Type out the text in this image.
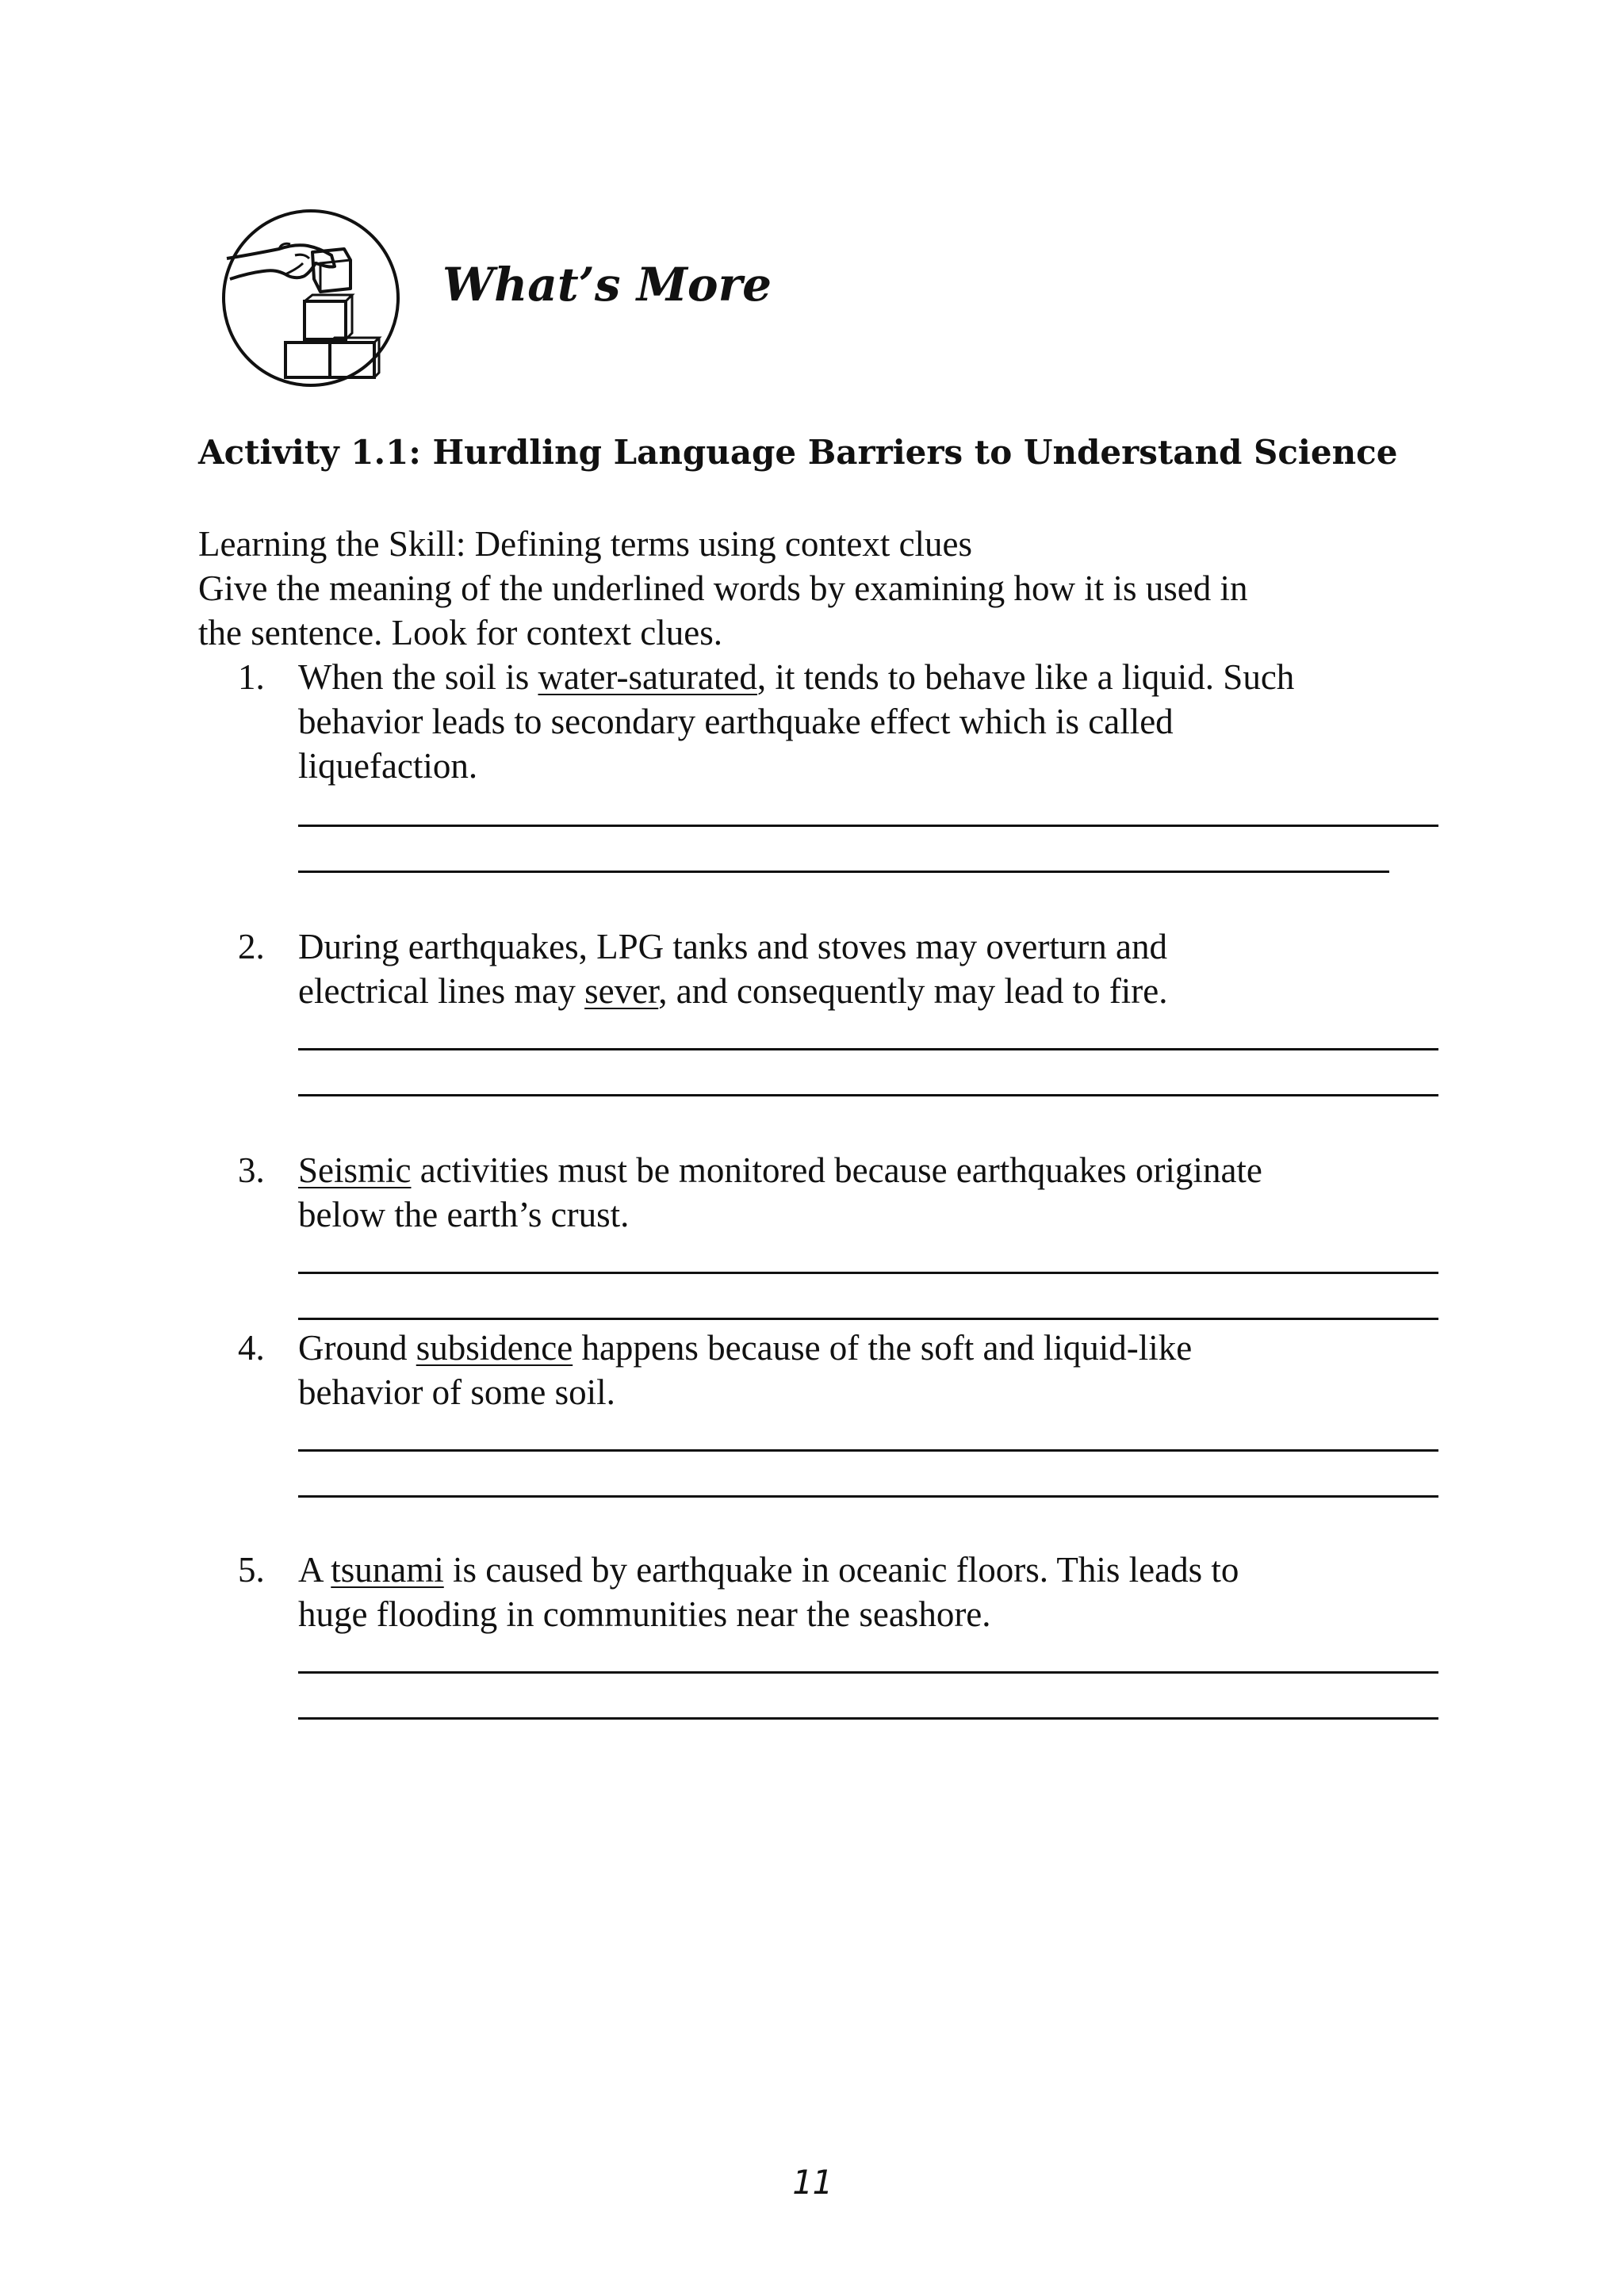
What’s More
Activity 1.1: Hurdling Language Barriers to Understand Science
Learning the Skill: Defining terms using context clues
Give the meaning of the underlined words by examining how it is used in
the sentence. Look for context clues.
1. When the soil is water-saturated, it tends to behave like a liquid. Such
behavior leads to secondary earthquake effect which is called
liquefaction.
2. During earthquakes, LPG tanks and stoves may overturn and
electrical lines may sever, and consequently may lead to fire.
3. Seismic activities must be monitored because earthquakes originate
below the earth’s crust.
4. Ground subsidence happens because of the soft and liquid-like
behavior of some soil.
5. A tsunami is caused by earthquake in oceanic floors. This leads to
huge flooding in communities near the seashore.
11
